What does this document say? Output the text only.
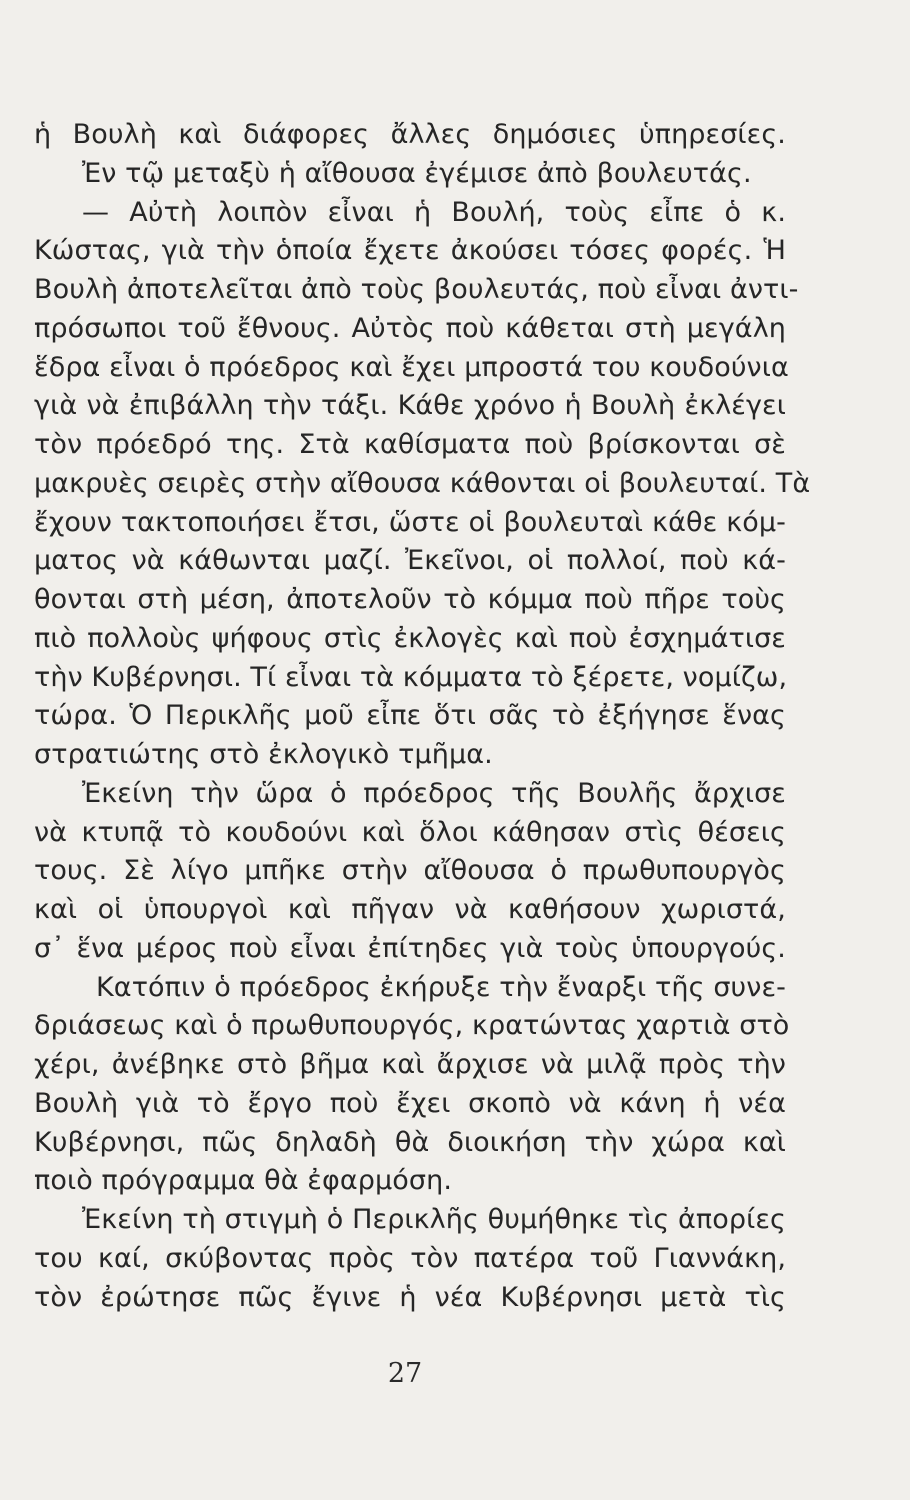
ἡ Βουλὴ καὶ διάφορες ἄλλες δημόσιες ὑπηρεσίες.
Ἐν τῷ μεταξὺ ἡ αἴθουσα ἐγέμισε ἀπὸ βουλευτάς.
— Αὐτὴ λοιπὸν εἶναι ἡ Βουλή, τοὺς εἶπε ὁ κ.
Κώστας, γιὰ τὴν ὁποία ἔχετε ἀκούσει τόσες φορές. Ἡ
Βουλὴ ἀποτελεῖται ἀπὸ τοὺς βουλευτάς, ποὺ εἶναι ἀντι-
πρόσωποι τοῦ ἔθνους. Αὐτὸς ποὺ κάθεται στὴ μεγάλη
ἕδρα εἶναι ὁ πρόεδρος καὶ ἔχει μπροστά του κουδούνια
γιὰ νὰ ἐπιβάλλη τὴν τάξι. Κάθε χρόνο ἡ Βουλὴ ἐκλέγει
τὸν πρόεδρό της. Στὰ καθίσματα ποὺ βρίσκονται σὲ
μακρυὲς σειρὲς στὴν αἴθουσα κάθονται οἱ βουλευταί. Τὰ
ἔχουν τακτοποιήσει ἔτσι, ὥστε οἱ βουλευταὶ κάθε κόμ-
ματος νὰ κάθωνται μαζί. Ἐκεῖνοι, οἱ πολλοί, ποὺ κά-
θονται στὴ μέση, ἀποτελοῦν τὸ κόμμα ποὺ πῆρε τοὺς
πιὸ πολλοὺς ψήφους στὶς ἐκλογὲς καὶ ποὺ ἐσχημάτισε
τὴν Κυβέρνησι. Τί εἶναι τὰ κόμματα τὸ ξέρετε, νομίζω,
τώρα. Ὁ Περικλῆς μοῦ εἶπε ὅτι σᾶς τὸ ἐξήγησε ἕνας
στρατιώτης στὸ ἐκλογικὸ τμῆμα.
Ἐκείνη τὴν ὥρα ὁ πρόεδρος τῆς Βουλῆς ἄρχισε
νὰ κτυπᾷ τὸ κουδούνι καὶ ὅλοι κάθησαν στὶς θέσεις
τους. Σὲ λίγο μπῆκε στὴν αἴθουσα ὁ πρωθυπουργὸς
καὶ οἱ ὑπουργοὶ καὶ πῆγαν νὰ καθήσουν χωριστά,
σ᾽ ἕνα μέρος ποὺ εἶναι ἐπίτηδες γιὰ τοὺς ὑπουργούς.
Κατόπιν ὁ πρόεδρος ἐκήρυξε τὴν ἔναρξι τῆς συνε-
δριάσεως καὶ ὁ πρωθυπουργός, κρατώντας χαρτιὰ στὸ
χέρι, ἀνέβηκε στὸ βῆμα καὶ ἄρχισε νὰ μιλᾷ πρὸς τὴν
Βουλὴ γιὰ τὸ ἔργο ποὺ ἔχει σκοπὸ νὰ κάνη ἡ νέα
Κυβέρνησι, πῶς δηλαδὴ θὰ διοικήση τὴν χώρα καὶ
ποιὸ πρόγραμμα θὰ ἐφαρμόση.
Ἐκείνη τὴ στιγμὴ ὁ Περικλῆς θυμήθηκε τὶς ἀπορίες
του καί, σκύβοντας πρὸς τὸν πατέρα τοῦ Γιαννάκη,
τὸν ἐρώτησε πῶς ἔγινε ἡ νέα Κυβέρνησι μετὰ τὶς
27
